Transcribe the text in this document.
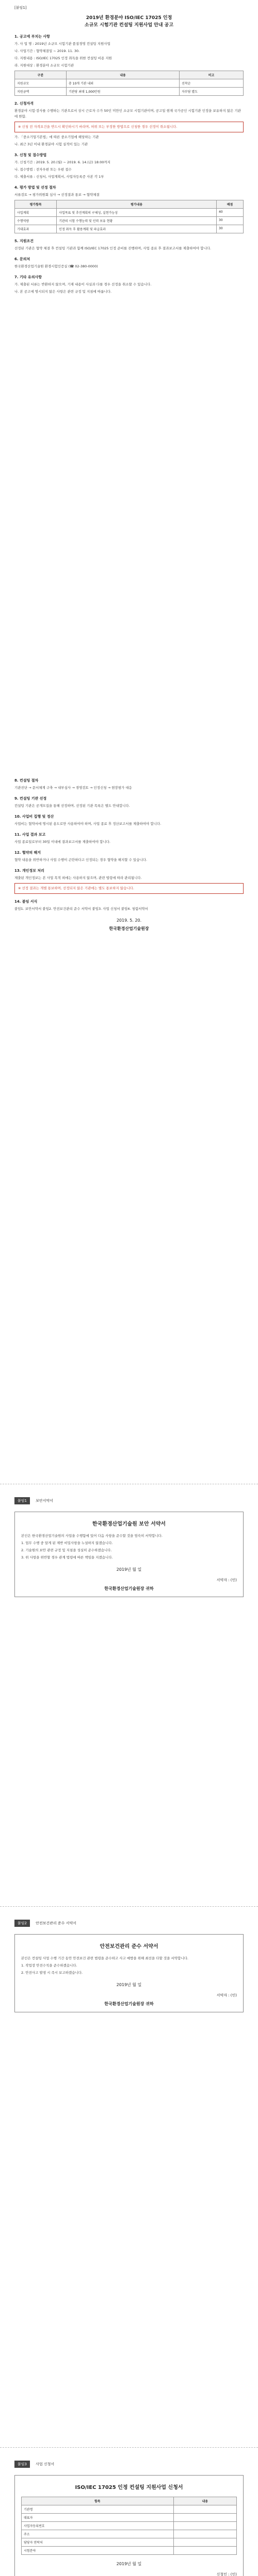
[붙임1]
2019년 환경분야 ISO/IEC 17025 인정
소규모 시험기관 컨설팅 지원사업 안내 공고
1. 공고에 부치는 사항
가. 사 업 명 : 2019년 소규모 시험기관 품질경영 컨설팅 지원사업
나. 사업기간 : 협약체결일 ~ 2019. 11. 30.
다. 지원내용 : ISO/IEC 17025 인정 취득을 위한 컨설팅 비용 지원
라. 지원대상 : 환경분야 소규모 시험기관
구분	내용	비고
지원규모	총 10개 기관 내외	선착순
지원금액	기관당 최대 1,000만원	자부담 별도
2. 신청자격
환경분야 시험·검사를 수행하는 기관으로서 상시 근로자 수가 50인 미만인 소규모 시험기관이며, 공고일 현재 국가공인 시험기관 인정을 보유하지 않은 기관에 한함.
※ 신청 전 자격요건을 반드시 확인하시기 바라며, 허위 또는 부정한 방법으로 신청한 경우 선정이 취소됩니다.
가. 「중소기업기본법」에 따른 중소기업에 해당하는 기관
나. 최근 3년 이내 환경분야 시험 실적이 있는 기관
3. 신청 및 접수방법
가. 신청기간 : 2019. 5. 20.(월) ~ 2019. 6. 14.(금) 18:00까지
나. 접수방법 : 전자우편 또는 우편 접수
다. 제출서류 : 신청서, 사업계획서, 사업자등록증 사본 각 1부
4. 평가 방법 및 선정 절차
서류검토 → 평가위원회 심사 → 선정결과 통보 → 협약체결
평가항목	평가내용	배점
사업계획	사업목표 및 추진계획의 구체성, 실현가능성	40
수행역량	기관의 시험 수행능력 및 인력 보유 현황	30
기대효과	인정 취득 후 활용계획 및 파급효과	30
5. 지원조건
선정된 기관은 협약 체결 후 컨설팅 기관과 함께 ISO/IEC 17025 인정 준비를 진행하며, 사업 종료 후 결과보고서를 제출하여야 합니다.
6. 문의처
한국환경산업기술원 환경시험인증실 (☎ 02-380-0000)
7. 기타 유의사항
가. 제출된 서류는 반환하지 않으며, 기재 내용이 사실과 다를 경우 선정을 취소할 수 있습니다.
나. 본 공고에 명시되지 않은 사항은 관련 규정 및 지침에 따릅니다.
8. 컨설팅 절차
기관진단 → 문서체계 구축 → 내부심사 → 경영검토 → 인정신청 → 현장평가 대응
9. 컨설팅 기관 선정
컨설팅 기관은 공개모집을 통해 선정하며, 선정된 기관 목록은 별도 안내합니다.
10. 사업비 집행 및 정산
사업비는 협약서에 명시된 용도로만 사용하여야 하며, 사업 종료 후 정산보고서를 제출하여야 합니다.
11. 사업 결과 보고
사업 종료일로부터 30일 이내에 결과보고서를 제출하여야 합니다.
12. 협약의 해지
협약 내용을 위반하거나 사업 수행이 곤란하다고 인정되는 경우 협약을 해지할 수 있습니다.
13. 개인정보 처리
제출된 개인정보는 본 사업 목적 외에는 사용하지 않으며, 관련 법령에 따라 관리됩니다.
※ 선정 결과는 개별 통보하며, 선정되지 않은 기관에는 별도 통보하지 않습니다.
14. 붙임 서식
붙임1. 보안서약서 붙임2. 안전보건관리 준수 서약서 붙임3. 사업 신청서 붙임4. 청렴서약서
2019. 5. 20.
한국환경산업기술원장
붙임1 보안서약서
한국환경산업기술원 보안 서약서
본인은 한국환경산업기술원의 사업을 수행함에 있어 다음 사항을 준수할 것을 엄숙히 서약합니다.
1. 업무 수행 중 알게 된 제반 비밀사항을 누설하지 않겠습니다.
2. 기술원의 보안 관련 규정 및 지침을 성실히 준수하겠습니다.
3. 위 사항을 위반할 경우 관계 법령에 따른 책임을 지겠습니다.
2019년 월 일
서약자 : (인)
한국환경산업기술원장 귀하
붙임2 안전보건관리 준수 서약서
안전보건관리 준수 서약서
본인은 컨설팅 사업 수행 기간 동안 안전보건 관련 법령을 준수하고 사고 예방을 위해 최선을 다할 것을 서약합니다.
1. 작업장 안전수칙을 준수하겠습니다.
2. 안전사고 발생 시 즉시 보고하겠습니다.
2019년 월 일
서약자 : (인)
한국환경산업기술원장 귀하
붙임3 사업 신청서
ISO/IEC 17025 인정 컨설팅 지원사업 신청서
항목	내용
기관명	
대표자	
사업자등록번호	
주소	
담당자 연락처	
시험분야	
2019년 월 일
신청인 : (인)
